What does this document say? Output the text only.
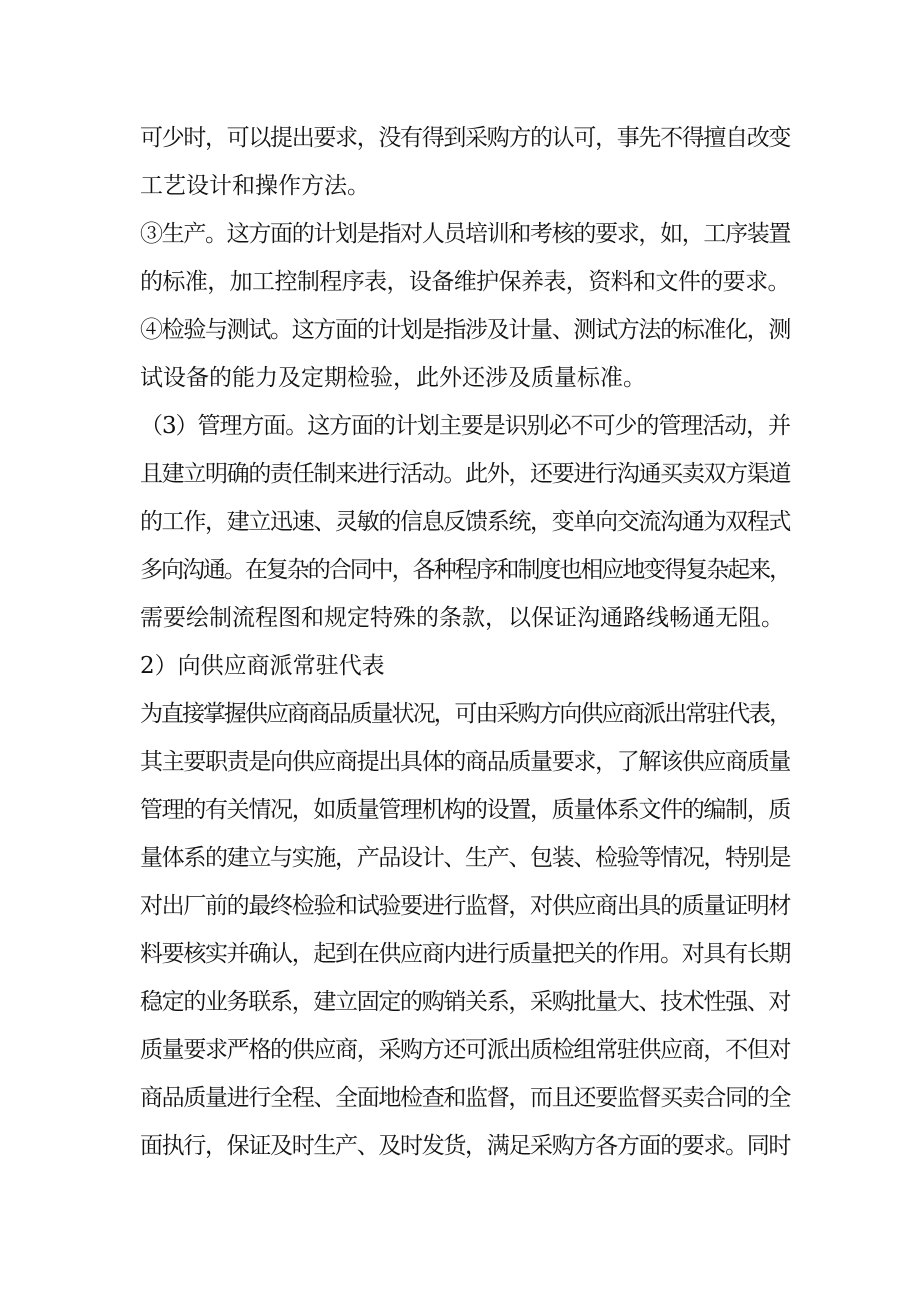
可少时，可以提出要求，没有得到采购方的认可，事先不得擅自改变
工艺设计和操作方法。
③生产。这方面的计划是指对人员培训和考核的要求，如，工序装置
的标准，加工控制程序表，设备维护保养表，资料和文件的要求。
④检验与测试。这方面的计划是指涉及计量、测试方法的标准化，测
试设备的能力及定期检验，此外还涉及质量标准。
（3）管理方面。这方面的计划主要是识别必不可少的管理活动，并
且建立明确的责任制来进行活动。此外，还要进行沟通买卖双方渠道
的工作，建立迅速、灵敏的信息反馈系统，变单向交流沟通为双程式
多向沟通。在复杂的合同中，各种程序和制度也相应地变得复杂起来，
需要绘制流程图和规定特殊的条款，以保证沟通路线畅通无阻。
2）向供应商派常驻代表
为直接掌握供应商商品质量状况，可由采购方向供应商派出常驻代表，
其主要职责是向供应商提出具体的商品质量要求，了解该供应商质量
管理的有关情况，如质量管理机构的设置，质量体系文件的编制，质
量体系的建立与实施，产品设计、生产、包装、检验等情况，特别是
对出厂前的最终检验和试验要进行监督，对供应商出具的质量证明材
料要核实并确认，起到在供应商内进行质量把关的作用。对具有长期
稳定的业务联系，建立固定的购销关系，采购批量大、技术性强、对
质量要求严格的供应商，采购方还可派出质检组常驻供应商，不但对
商品质量进行全程、全面地检查和监督，而且还要监督买卖合同的全
面执行，保证及时生产、及时发货，满足采购方各方面的要求。同时
